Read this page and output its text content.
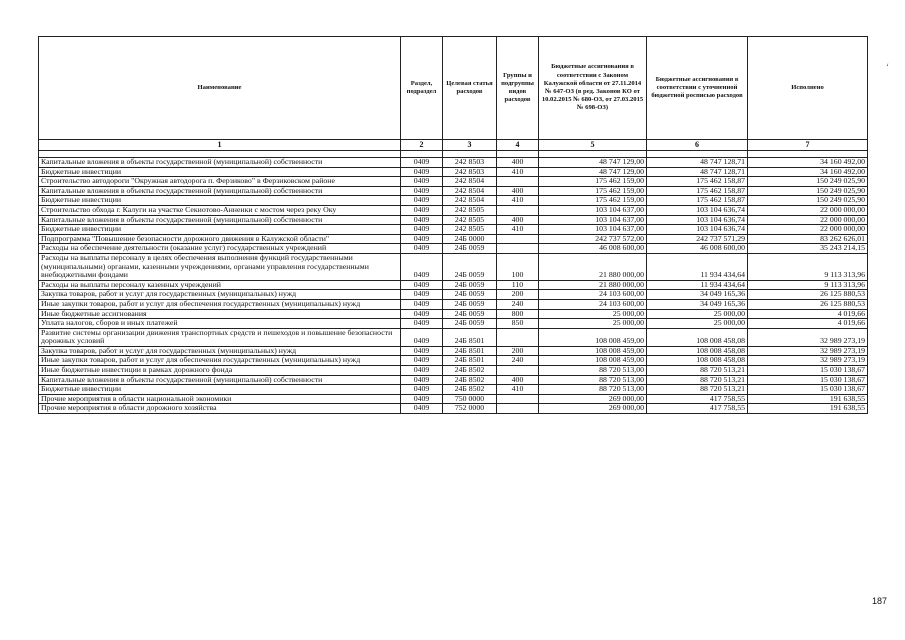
Наименование	Раздел, подраздел	Целевая статья расходов	Группы и подгруппы видов расходов	Бюджетные ассигнования в соответствии с Законом Калужской области от 27.11.2014 № 647-ОЗ (в ред. Законов КО от 10.02.2015 № 680-ОЗ, от 27.03.2015 № 698-ОЗ)	Бюджетные ассигнования в соответствии с уточненной бюджетной росписью расходов	Исполнено
1	2	3	4	5	6	7

Капитальные вложения в объекты государственной (муниципальной) собственности	0409	242 8503	400	48 747 129,00	48 747 128,71	34 160 492,00
Бюджетные инвестиции	0409	242 8503	410	48 747 129,00	48 747 128,71	34 160 492,00
Строительство автодороги "Окружная автодорога п. Ферзиково" в Ферзиковском районе	0409	242 8504		175 462 159,00	175 462 158,87	150 249 025,90
Капитальные вложения в объекты государственной (муниципальной) собственности	0409	242 8504	400	175 462 159,00	175 462 158,87	150 249 025,90
Бюджетные инвестиции	0409	242 8504	410	175 462 159,00	175 462 158,87	150 249 025,90
Строительство обхода г. Калуги на участке Секиотово-Анненки с мостом через реку Оку	0409	242 8505		103 104 637,00	103 104 636,74	22 000 000,00
Капитальные вложения в объекты государственной (муниципальной) собственности	0409	242 8505	400	103 104 637,00	103 104 636,74	22 000 000,00
Бюджетные инвестиции	0409	242 8505	410	103 104 637,00	103 104 636,74	22 000 000,00
Подпрограмма "Повышение безопасности дорожного движения в Калужской области"	0409	24Б 0000		242 737 572,00	242 737 571,29	83 262 626,01
Расходы на обеспечение деятельности (оказание услуг) государственных учреждений	0409	24Б 0059		46 008 600,00	46 008 600,00	35 243 214,15
Расходы на выплаты персоналу в целях обеспечения выполнения функций государственными (муниципальными) органами, казенными учреждениями, органами управления государственными внебюджетными фондами	0409	24Б 0059	100	21 880 000,00	11 934 434,64	9 113 313,96
Расходы на выплаты персоналу казенных учреждений	0409	24Б 0059	110	21 880 000,00	11 934 434,64	9 113 313,96
Закупка товаров, работ и услуг для государственных (муниципальных) нужд	0409	24Б 0059	200	24 103 600,00	34 049 165,36	26 125 880,53
Иные закупки товаров, работ и услуг для обеспечения государственных (муниципальных) нужд	0409	24Б 0059	240	24 103 600,00	34 049 165,36	26 125 880,53
Иные бюджетные ассигнования	0409	24Б 0059	800	25 000,00	25 000,00	4 019,66
Уплата налогов, сборов и иных платежей	0409	24Б 0059	850	25 000,00	25 000,00	4 019,66
Развитие системы организации движения транспортных средств и пешеходов и повышение безопасности дорожных условий	0409	24Б 8501		108 008 459,00	108 008 458,08	32 989 273,19
Закупка товаров, работ и услуг для государственных (муниципальных) нужд	0409	24Б 8501	200	108 008 459,00	108 008 458,08	32 989 273,19
Иные закупки товаров, работ и услуг для обеспечения государственных (муниципальных) нужд	0409	24Б 8501	240	108 008 459,00	108 008 458,08	32 989 273,19
Иные бюджетные инвестиции в рамках дорожного фонда	0409	24Б 8502		88 720 513,00	88 720 513,21	15 030 138,67
Капитальные вложения в объекты государственной (муниципальной) собственности	0409	24Б 8502	400	88 720 513,00	88 720 513,21	15 030 138,67
Бюджетные инвестиции	0409	24Б 8502	410	88 720 513,00	88 720 513,21	15 030 138,67
Прочие мероприятия в области национальной экономики	0409	750 0000		269 000,00	417 758,55	191 638,55
Прочие мероприятия в области дорожного хозяйства	0409	752 0000		269 000,00	417 758,55	191 638,55
‘
187
